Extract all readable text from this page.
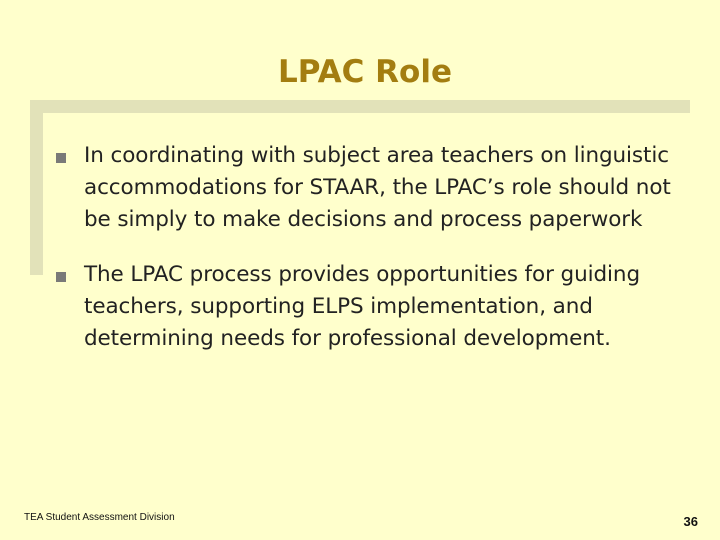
LPAC Role

In coordinating with subject area teachers on linguistic accommodations for STAAR, the LPAC’s role should not be simply to make decisions and process paperwork

The LPAC process provides opportunities for guiding teachers, supporting ELPS implementation, and determining needs for professional development.

TEA Student Assessment Division	36
